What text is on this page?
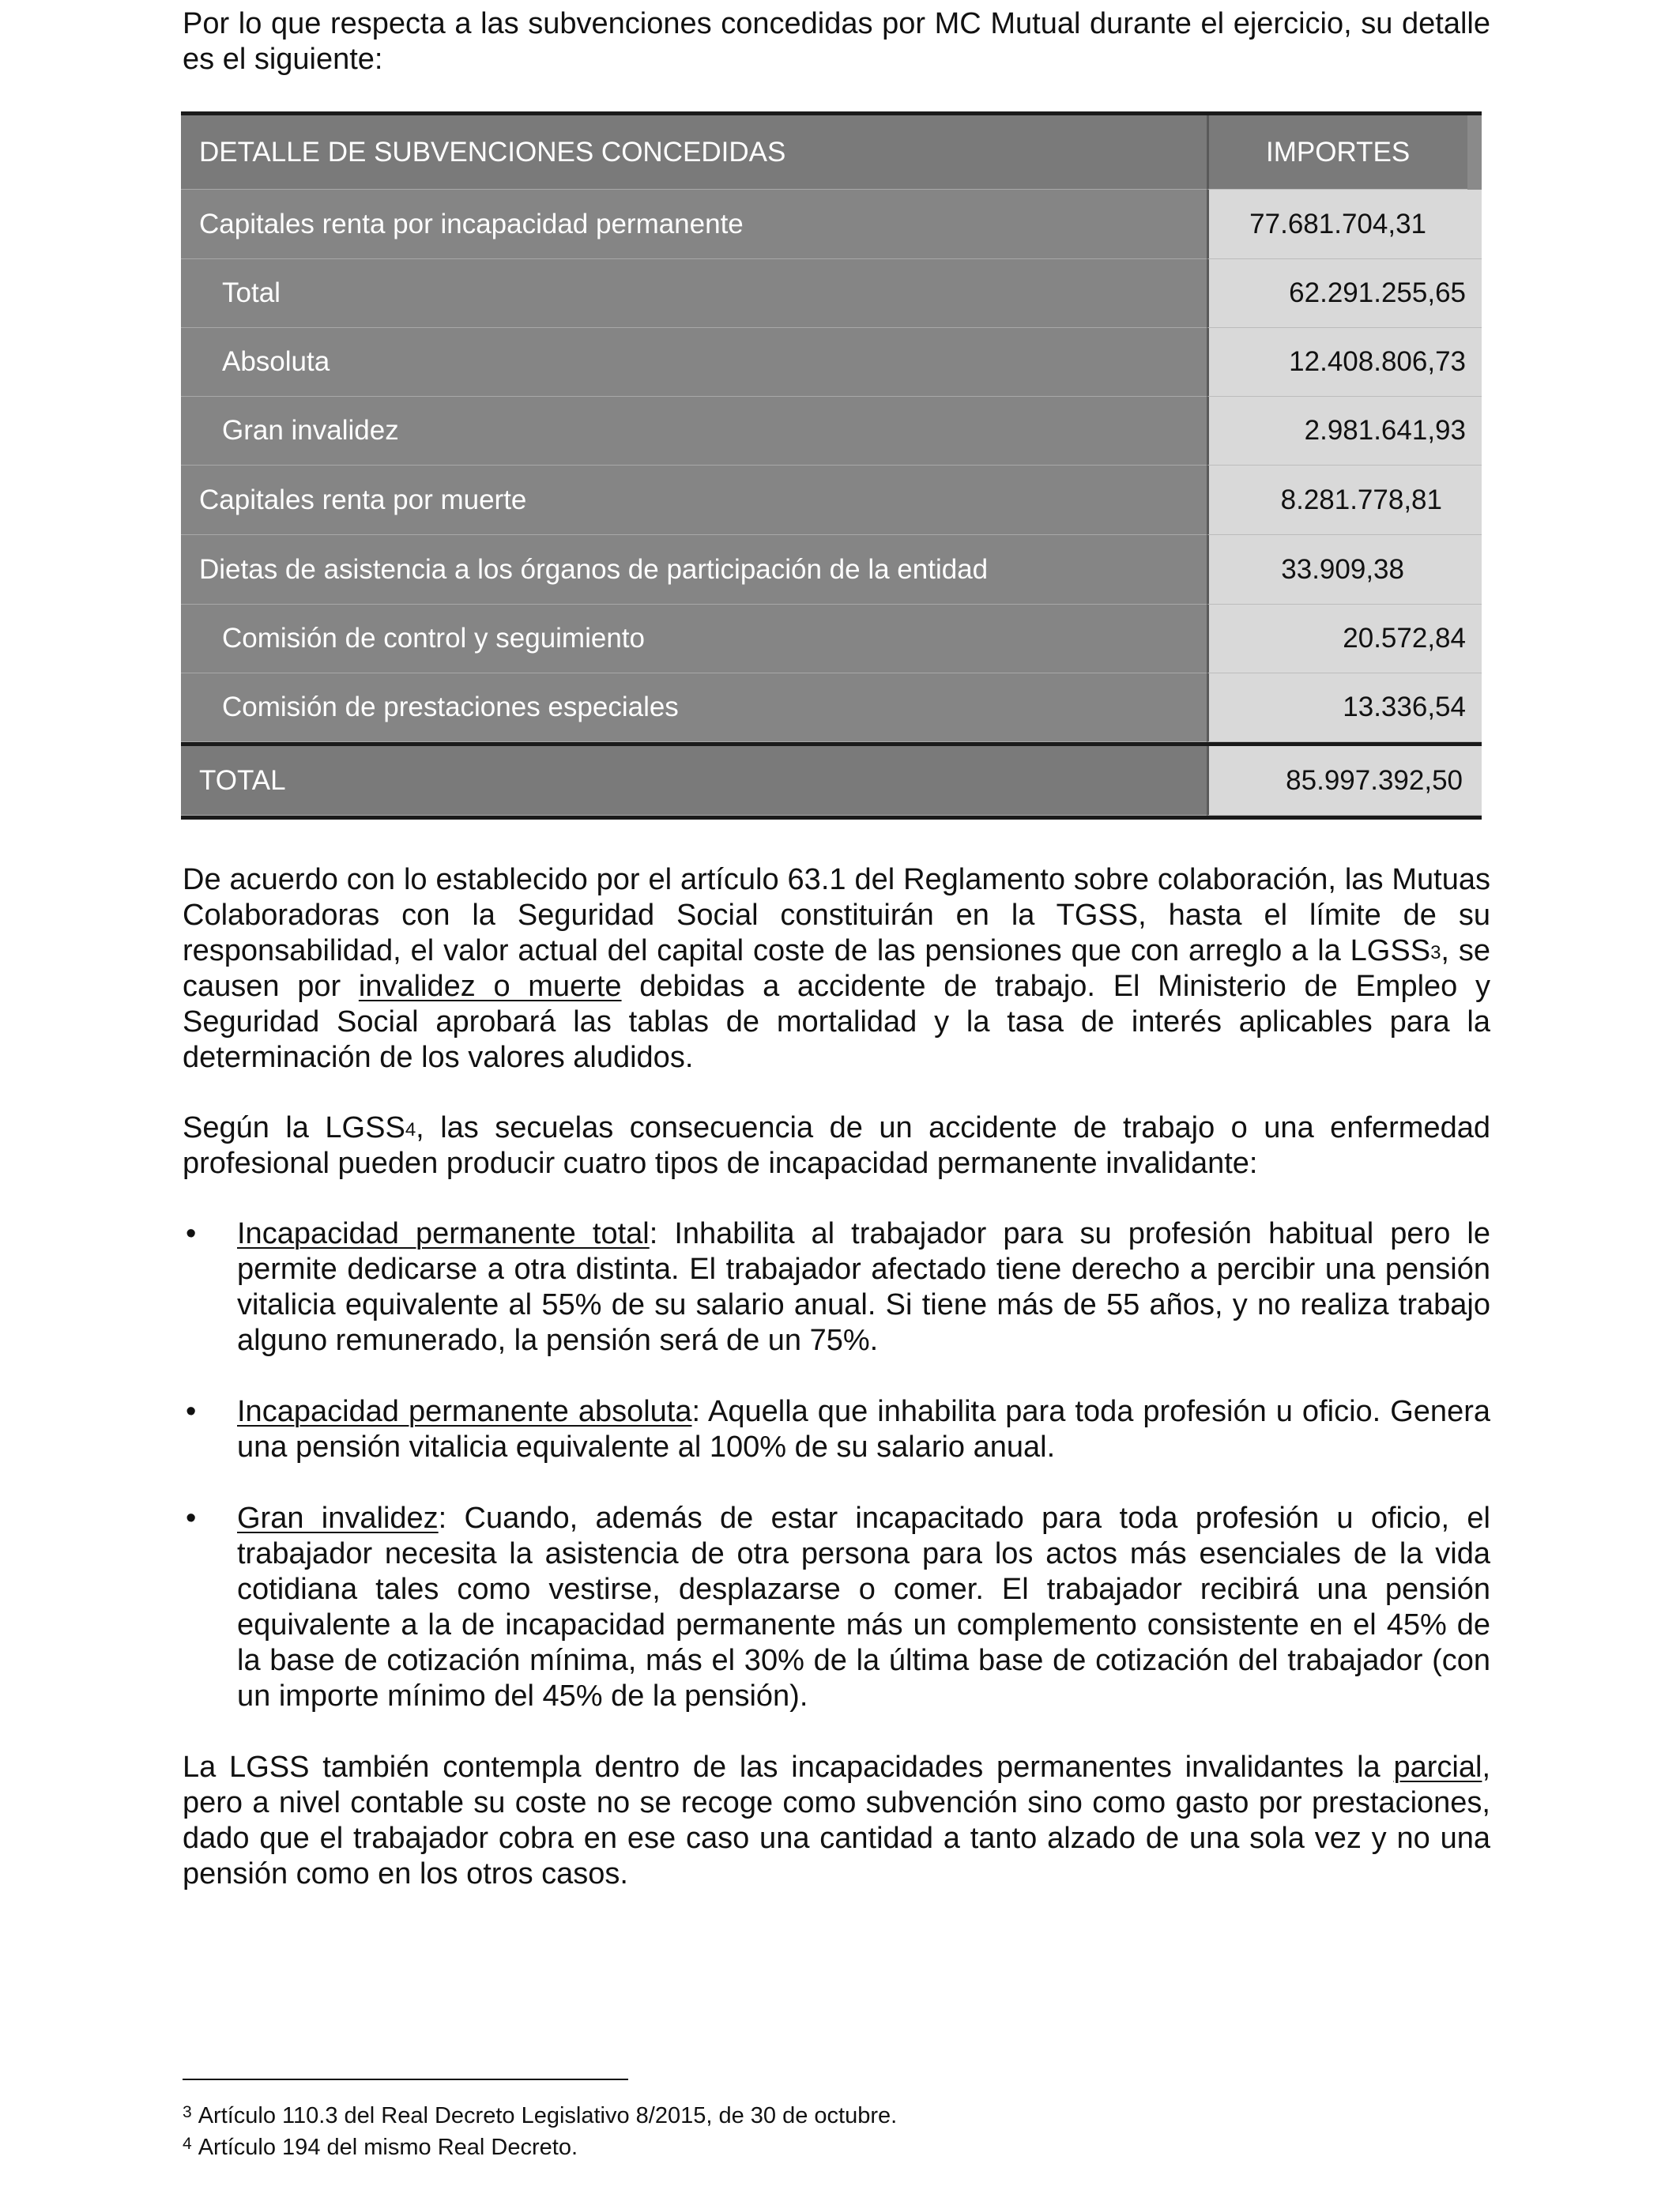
Por lo que respecta a las subvenciones concedidas por MC Mutual durante el ejercicio, su detalle es el siguiente:

DETALLE DE SUBVENCIONES CONCEDIDAS	IMPORTES
Capitales renta por incapacidad permanente	77.681.704,31
Total	62.291.255,65
Absoluta	12.408.806,73
Gran invalidez	2.981.641,93
Capitales renta por muerte	8.281.778,81
Dietas de asistencia a los órganos de participación de la entidad	33.909,38
Comisión de control y seguimiento	20.572,84
Comisión de prestaciones especiales	13.336,54
TOTAL	85.997.392,50

De acuerdo con lo establecido por el artículo 63.1 del Reglamento sobre colaboración, las Mutuas Colaboradoras con la Seguridad Social constituirán en la TGSS, hasta el límite de su responsabilidad, el valor actual del capital coste de las pensiones que con arreglo a la LGSS$^3$, se causen por invalidez o muerte debidas a accidente de trabajo. El Ministerio de Empleo y Seguridad Social aprobará las tablas de mortalidad y la tasa de interés aplicables para la determinación de los valores aludidos.

Según la LGSS$^4$, las secuelas consecuencia de un accidente de trabajo o una enfermedad profesional pueden producir cuatro tipos de incapacidad permanente invalidante:

• Incapacidad permanente total: Inhabilita al trabajador para su profesión habitual pero le permite dedicarse a otra distinta. El trabajador afectado tiene derecho a percibir una pensión vitalicia equivalente al 55% de su salario anual. Si tiene más de 55 años, y no realiza trabajo alguno remunerado, la pensión será de un 75%.
• Incapacidad permanente absoluta: Aquella que inhabilita para toda profesión u oficio. Genera una pensión vitalicia equivalente al 100% de su salario anual.
• Gran invalidez: Cuando, además de estar incapacitado para toda profesión u oficio, el trabajador necesita la asistencia de otra persona para los actos más esenciales de la vida cotidiana tales como vestirse, desplazarse o comer. El trabajador recibirá una pensión equivalente a la de incapacidad permanente más un complemento consistente en el 45% de la base de cotización mínima, más el 30% de la última base de cotización del trabajador (con un importe mínimo del 45% de la pensión).

La LGSS también contempla dentro de las incapacidades permanentes invalidantes la parcial, pero a nivel contable su coste no se recoge como subvención sino como gasto por prestaciones, dado que el trabajador cobra en ese caso una cantidad a tanto alzado de una sola vez y no una pensión como en los otros casos.

$^3$ Artículo 110.3 del Real Decreto Legislativo 8/2015, de 30 de octubre.
$^4$ Artículo 194 del mismo Real Decreto.
